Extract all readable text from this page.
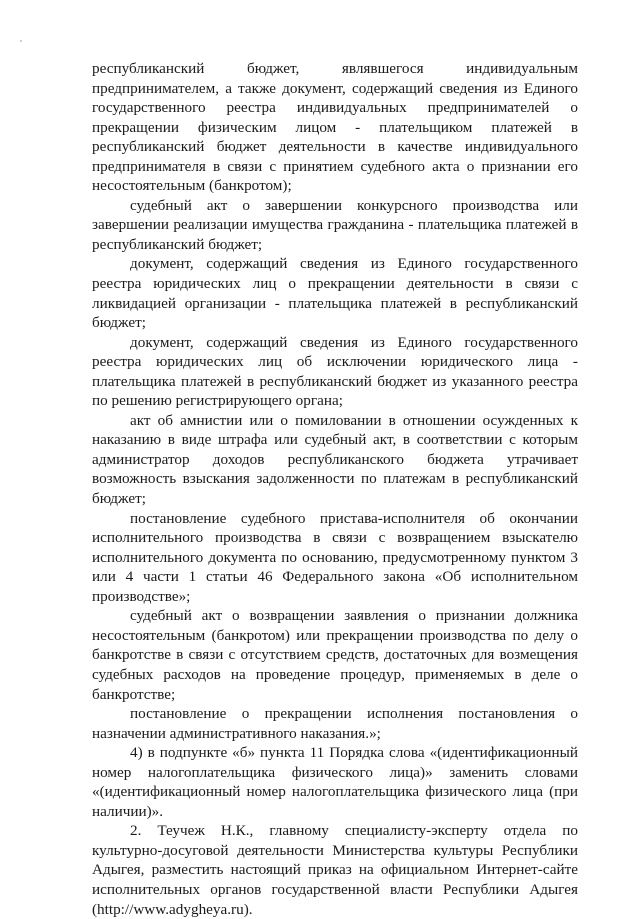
республиканский бюджет, являвшегося индивидуальным предпринимателем, а также документ, содержащий сведения из Единого государственного реестра индивидуальных предпринимателей о прекращении физическим лицом - плательщиком платежей в республиканский бюджет деятельности в качестве индивидуального предпринимателя в связи с принятием судебного акта о признании его несостоятельным (банкротом);

судебный акт о завершении конкурсного производства или завершении реализации имущества гражданина - плательщика платежей в республиканский бюджет;

документ, содержащий сведения из Единого государственного реестра юридических лиц о прекращении деятельности в связи с ликвидацией организации - плательщика платежей в республиканский бюджет;

документ, содержащий сведения из Единого государственного реестра юридических лиц об исключении юридического лица - плательщика платежей в республиканский бюджет из указанного реестра по решению регистрирующего органа;

акт об амнистии или о помиловании в отношении осужденных к наказанию в виде штрафа или судебный акт, в соответствии с которым администратор доходов республиканского бюджета утрачивает возможность взыскания задолженности по платежам в республиканский бюджет;

постановление судебного пристава-исполнителя об окончании исполнительного производства в связи с возвращением взыскателю исполнительного документа по основанию, предусмотренному пунктом 3 или 4 части 1 статьи 46 Федерального закона «Об исполнительном производстве»;

судебный акт о возвращении заявления о признании должника несостоятельным (банкротом) или прекращении производства по делу о банкротстве в связи с отсутствием средств, достаточных для возмещения судебных расходов на проведение процедур, применяемых в деле о банкротстве;

постановление о прекращении исполнения постановления о назначении административного наказания.»;

4) в подпункте «б» пункта 11 Порядка слова «(идентификационный номер налогоплательщика физического лица)» заменить словами «(идентификационный номер налогоплательщика физического лица (при наличии)».

2. Теучеж Н.К., главному специалисту-эксперту отдела по культурно-досуговой деятельности Министерства культуры Республики Адыгея, разместить настоящий приказ на официальном Интернет-сайте исполнительных органов государственной власти Республики Адыгея (http://www.adygheya.ru).
